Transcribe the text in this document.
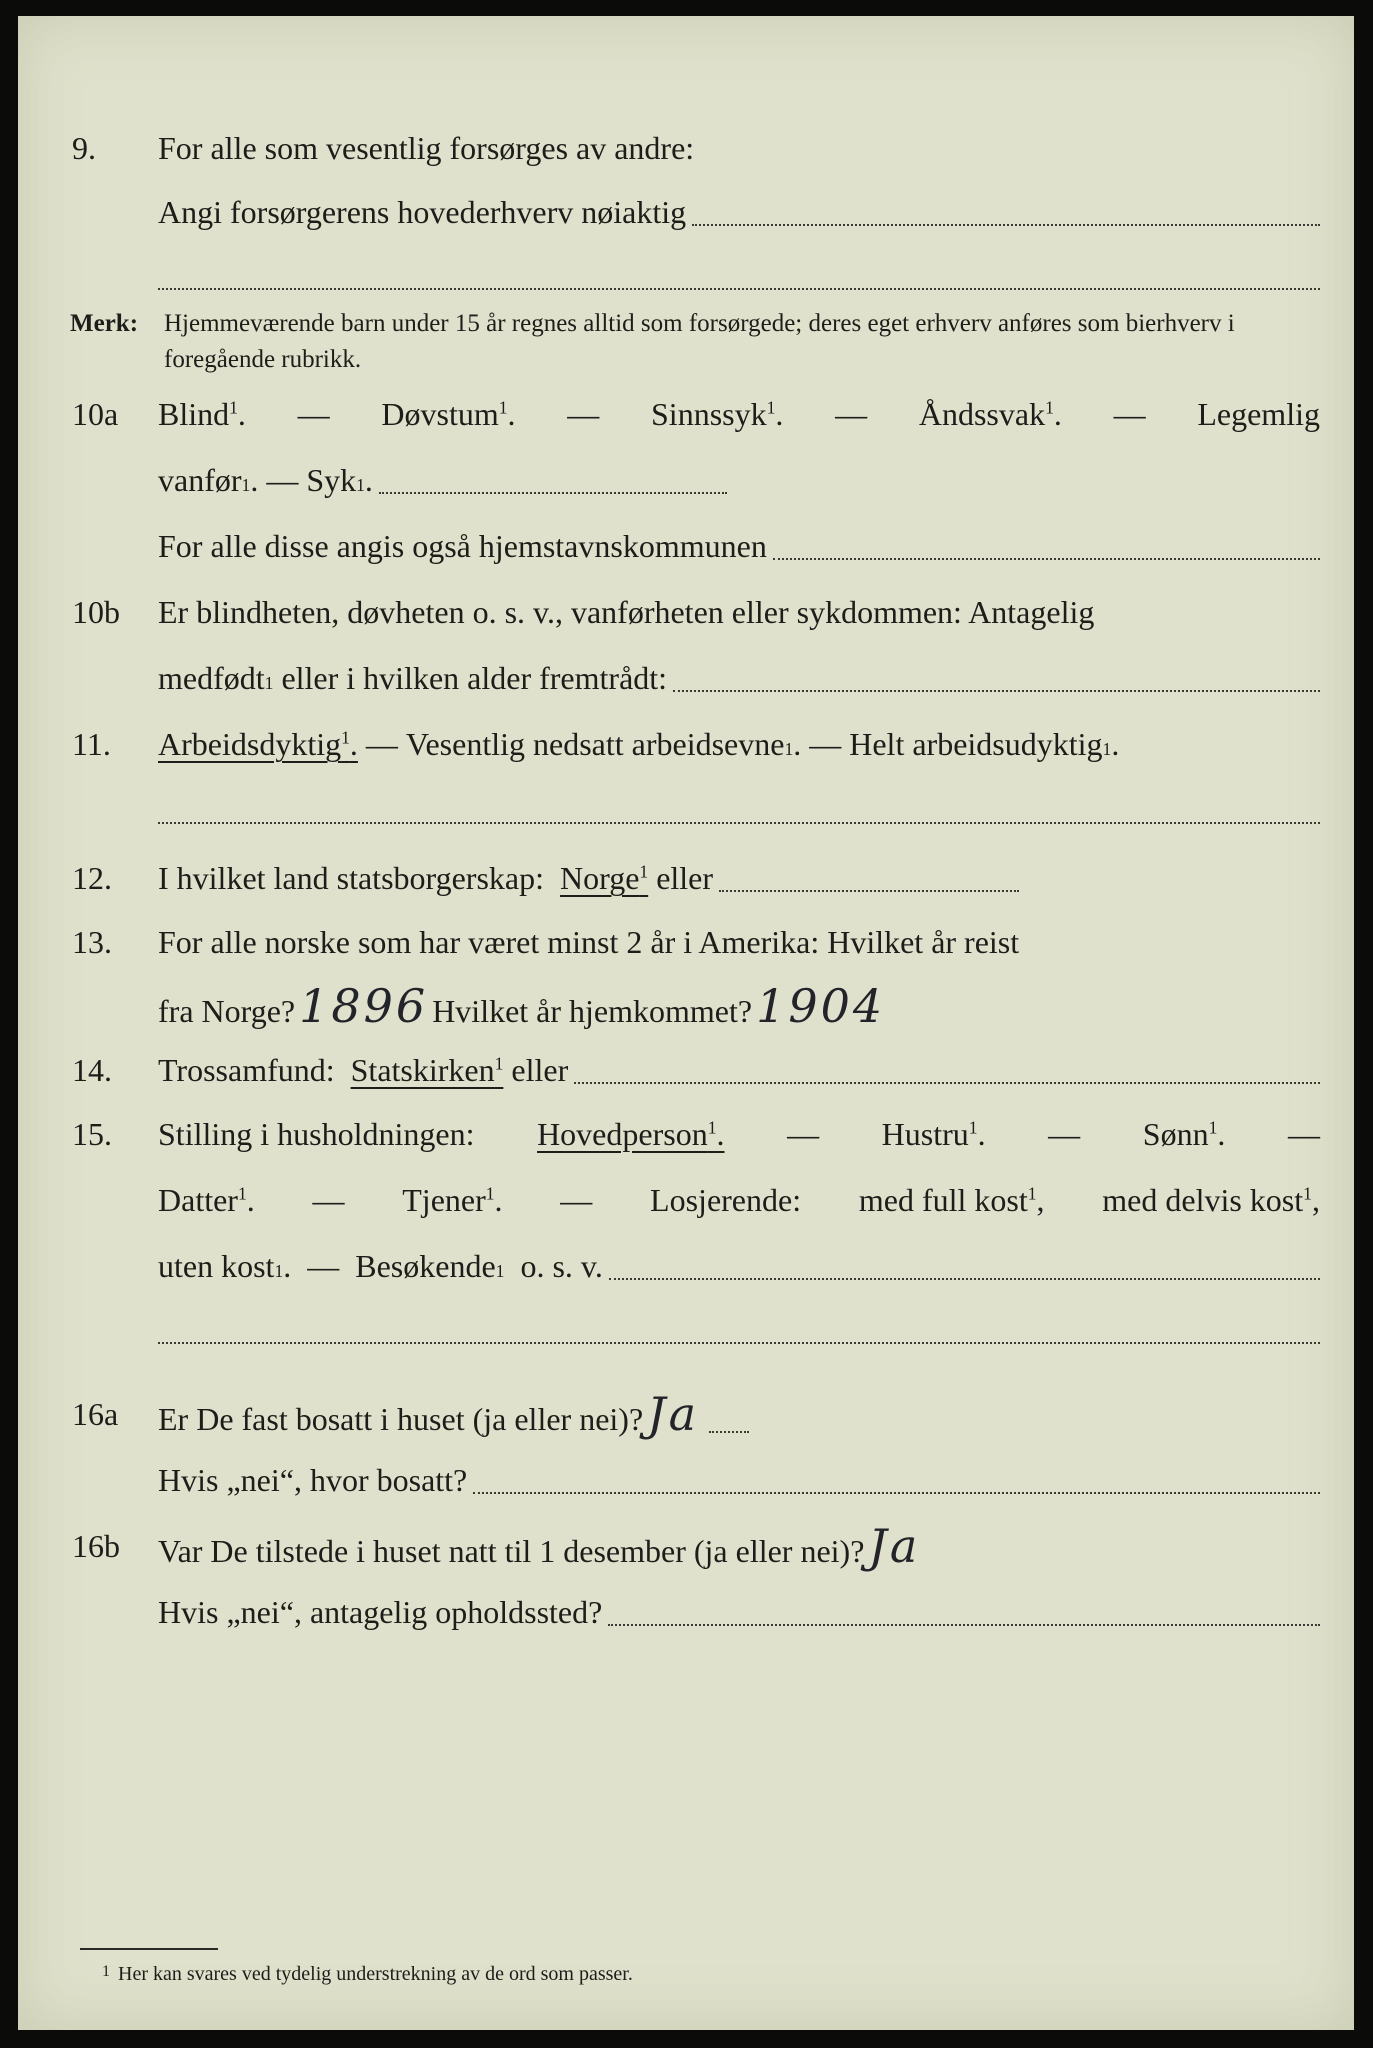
9. For alle som vesentlig forsørges av andre:
Angi forsørgerens hovederhverv nøiaktig
Merk: Hjemmeværende barn under 15 år regnes alltid som forsørgede; deres eget erhverv anføres som bierhverv i foregående rubrikk.
10a Blind$^1$. — Døvstum$^1$. — Sinnssyk$^1$. — Åndssvak$^1$. — Legemlig
vanfør 1 . — Syk 1 .
For alle disse angis også hjemstavnskommunen
10b Er blindheten, døvheten o. s. v., vanførheten eller sykdommen: Antagelig
medfødt 1
eller i hvilken alder fremtrådt:
11. Arbeidsdyktig$^1$. — Vesentlig nedsatt arbeidsevne 1 . — Helt arbeidsudyktig 1 .
12. I hvilket land statsborgerskap:
Norge$^1$
eller
13. For alle norske som har været minst 2 år i Amerika: Hvilket år reist
fra Norge? 1896 Hvilket år hjemkommet? 1904
14. Trossamfund:
Statskirken$^1$
eller
15. Stilling i husholdningen: Hovedperson$^1$. — Hustru$^1$. — Sønn$^1$. —
Datter$^1$. — Tjener$^1$. — Losjerende: med full kost$^1$, med delvis kost$^1$,
uten kost 1 .  — Besøkende 1
o. s. v.
16a Er De fast bosatt i huset (ja eller nei)? Ja
Hvis „nei“, hvor bosatt?
16b Var De tilstede i huset natt til 1 desember (ja eller nei)? Ja
Hvis „nei“, antagelig opholdssted?
1 Her kan svares ved tydelig understrekning av de ord som passer.
